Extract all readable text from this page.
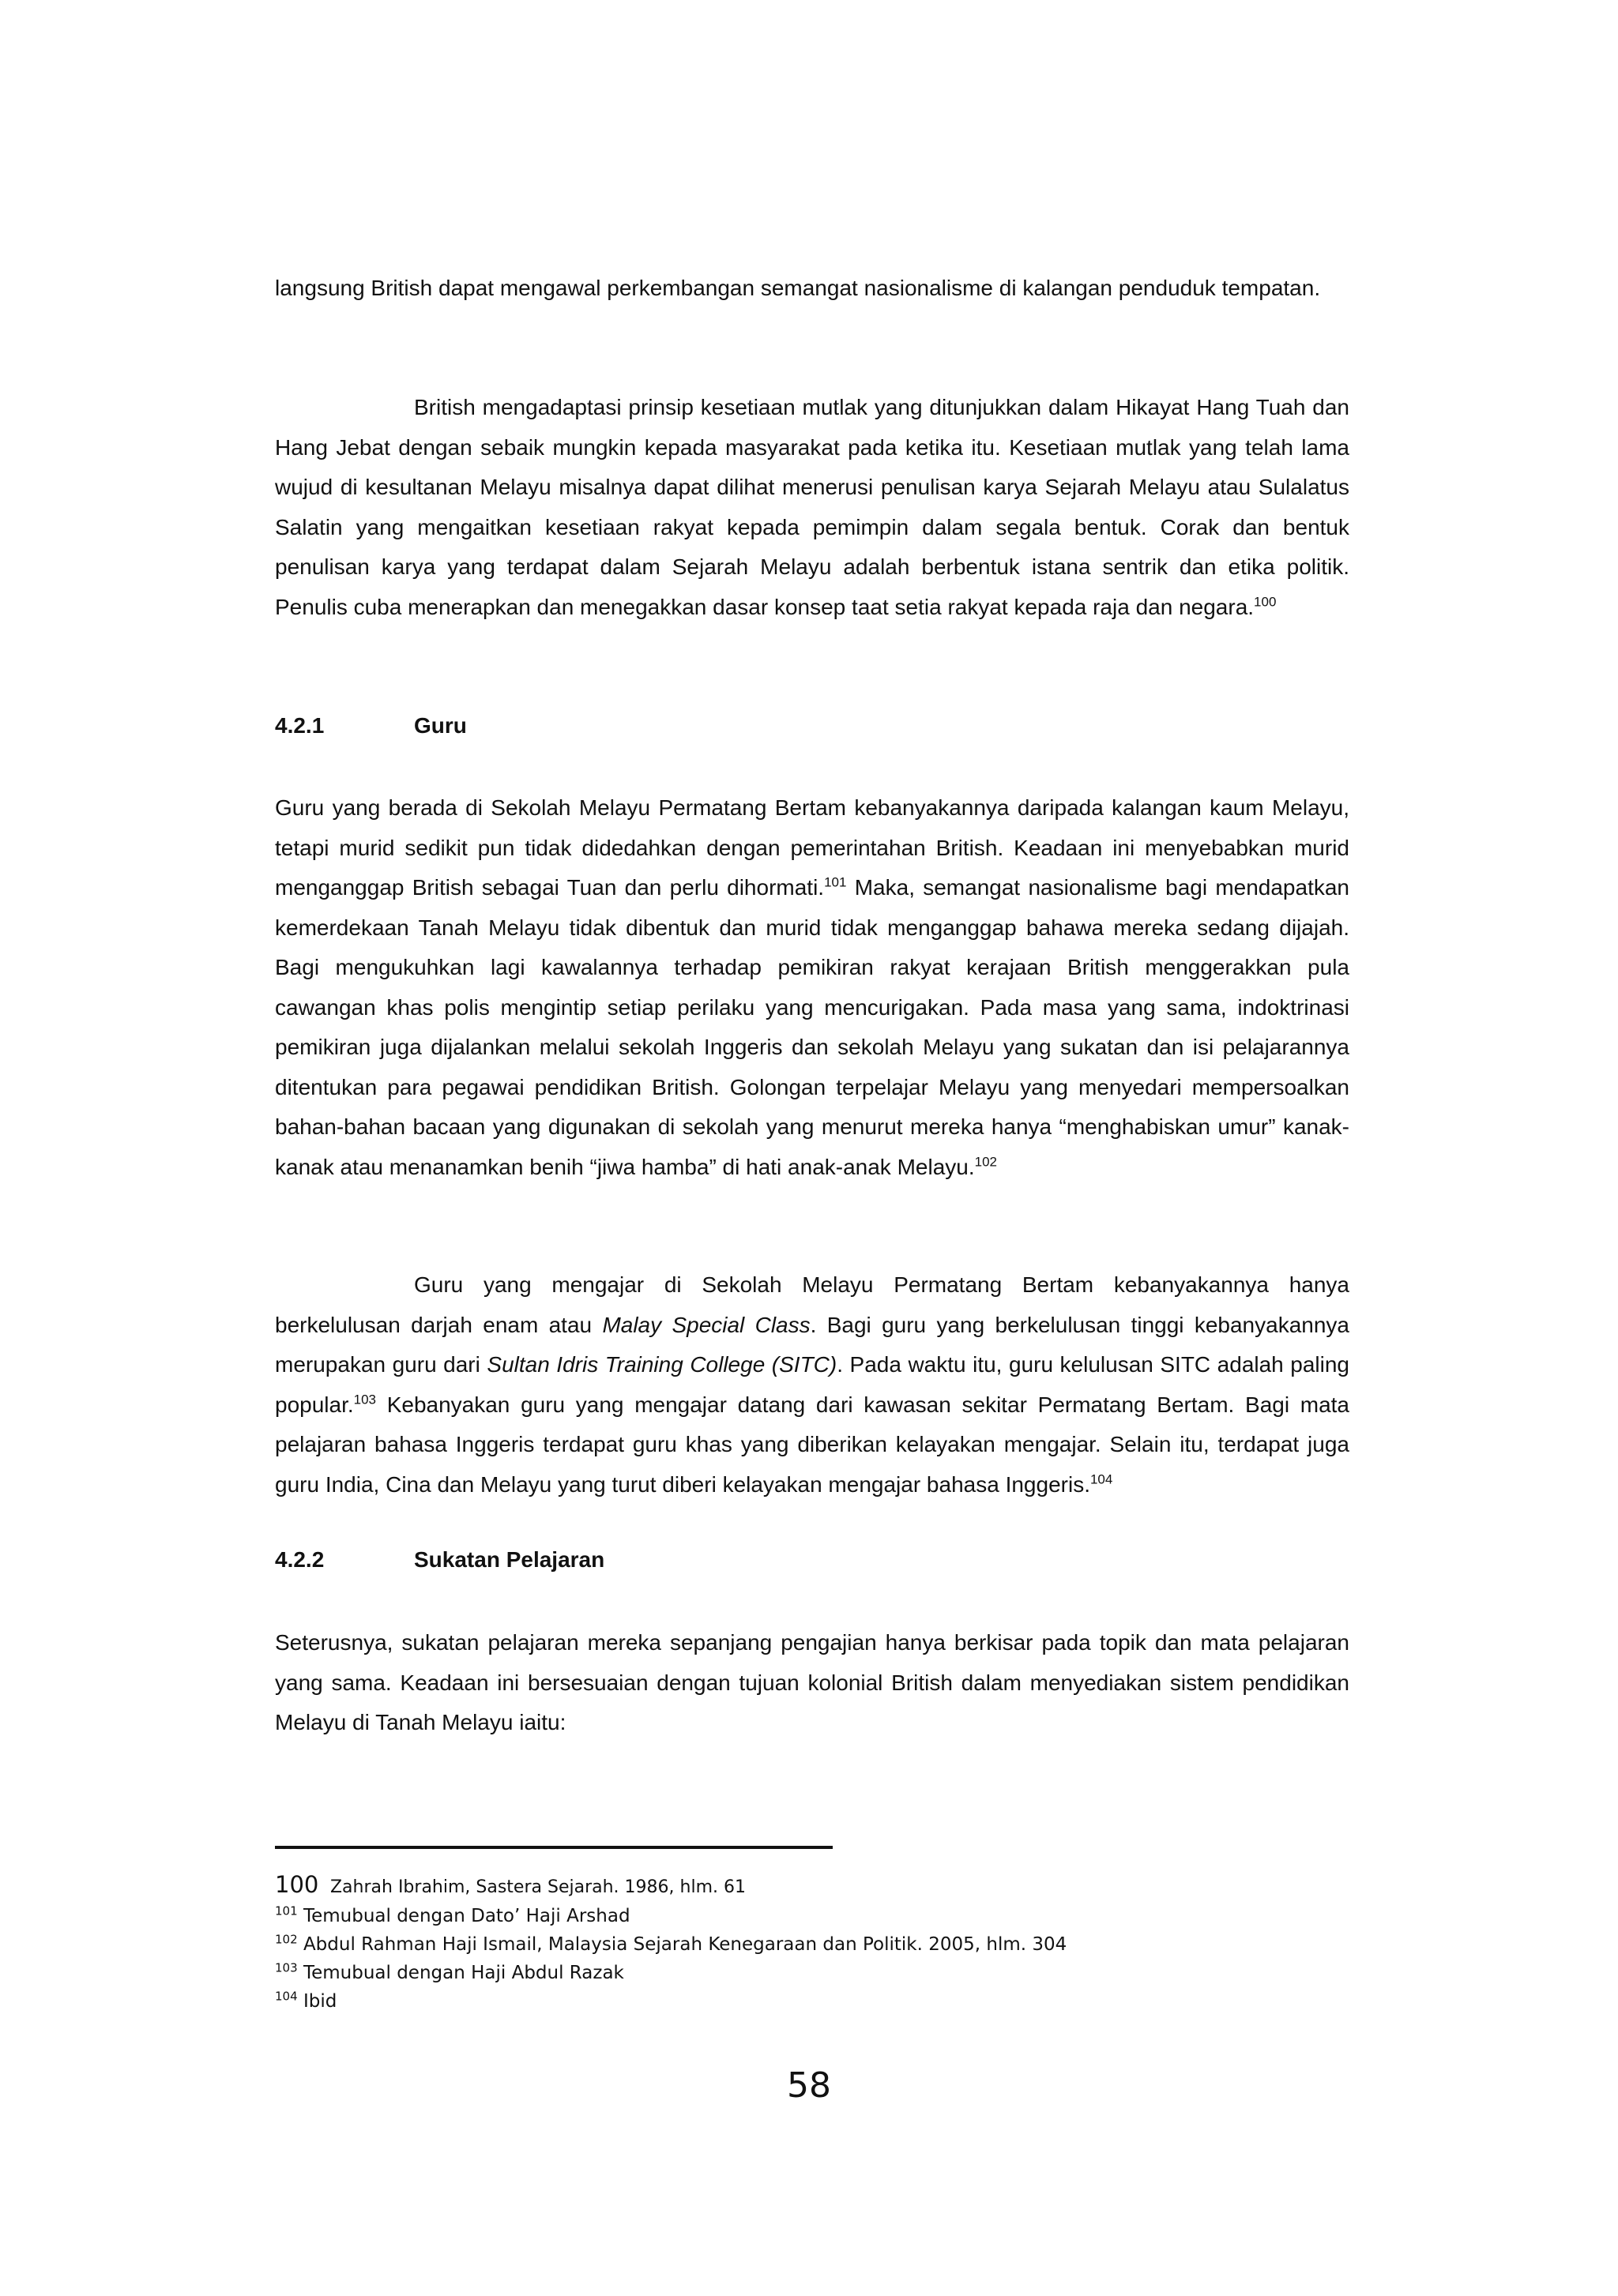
langsung British dapat mengawal perkembangan semangat nasionalisme di kalangan penduduk tempatan.

British mengadaptasi prinsip kesetiaan mutlak yang ditunjukkan dalam Hikayat Hang Tuah dan Hang Jebat dengan sebaik mungkin kepada masyarakat pada ketika itu. Kesetiaan mutlak yang telah lama wujud di kesultanan Melayu misalnya dapat dilihat menerusi penulisan karya Sejarah Melayu atau Sulalatus Salatin yang mengaitkan kesetiaan rakyat kepada pemimpin dalam segala bentuk. Corak dan bentuk penulisan karya yang terdapat dalam Sejarah Melayu adalah berbentuk istana sentrik dan etika politik. Penulis cuba menerapkan dan menegakkan dasar konsep taat setia rakyat kepada raja dan negara.$^{100}$

4.2.1	Guru

Guru yang berada di Sekolah Melayu Permatang Bertam kebanyakannya daripada kalangan kaum Melayu, tetapi murid sedikit pun tidak didedahkan dengan pemerintahan British. Keadaan ini menyebabkan murid menganggap British sebagai Tuan dan perlu dihormati.$^{101}$ Maka, semangat nasionalisme bagi mendapatkan kemerdekaan Tanah Melayu tidak dibentuk dan murid tidak menganggap bahawa mereka sedang dijajah. Bagi mengukuhkan lagi kawalannya terhadap pemikiran rakyat kerajaan British menggerakkan pula cawangan khas polis mengintip setiap perilaku yang mencurigakan. Pada masa yang sama, indoktrinasi pemikiran juga dijalankan melalui sekolah Inggeris dan sekolah Melayu yang sukatan dan isi pelajarannya ditentukan para pegawai pendidikan British. Golongan terpelajar Melayu yang menyedari mempersoalkan bahan-bahan bacaan yang digunakan di sekolah yang menurut mereka hanya “menghabiskan umur” kanak-kanak atau menanamkan benih “jiwa hamba” di hati anak-anak Melayu.$^{102}$

Guru yang mengajar di Sekolah Melayu Permatang Bertam kebanyakannya hanya berkelulusan darjah enam atau Malay Special Class. Bagi guru yang berkelulusan tinggi kebanyakannya merupakan guru dari Sultan Idris Training College (SITC). Pada waktu itu, guru kelulusan SITC adalah paling popular.$^{103}$ Kebanyakan guru yang mengajar datang dari kawasan sekitar Permatang Bertam. Bagi mata pelajaran bahasa Inggeris terdapat guru khas yang diberikan kelayakan mengajar. Selain itu, terdapat juga guru India, Cina dan Melayu yang turut diberi kelayakan mengajar bahasa Inggeris.$^{104}$

4.2.2	Sukatan Pelajaran

Seterusnya, sukatan pelajaran mereka sepanjang pengajian hanya berkisar pada topik dan mata pelajaran yang sama. Keadaan ini bersesuaian dengan tujuan kolonial British dalam menyediakan sistem pendidikan Melayu di Tanah Melayu iaitu:

100 Zahrah Ibrahim, Sastera Sejarah. 1986, hlm. 61
$^{101}$ Temubual dengan Dato’ Haji Arshad
$^{102}$ Abdul Rahman Haji Ismail, Malaysia Sejarah Kenegaraan dan Politik. 2005, hlm. 304
$^{103}$ Temubual dengan Haji Abdul Razak
$^{104}$ Ibid

58
